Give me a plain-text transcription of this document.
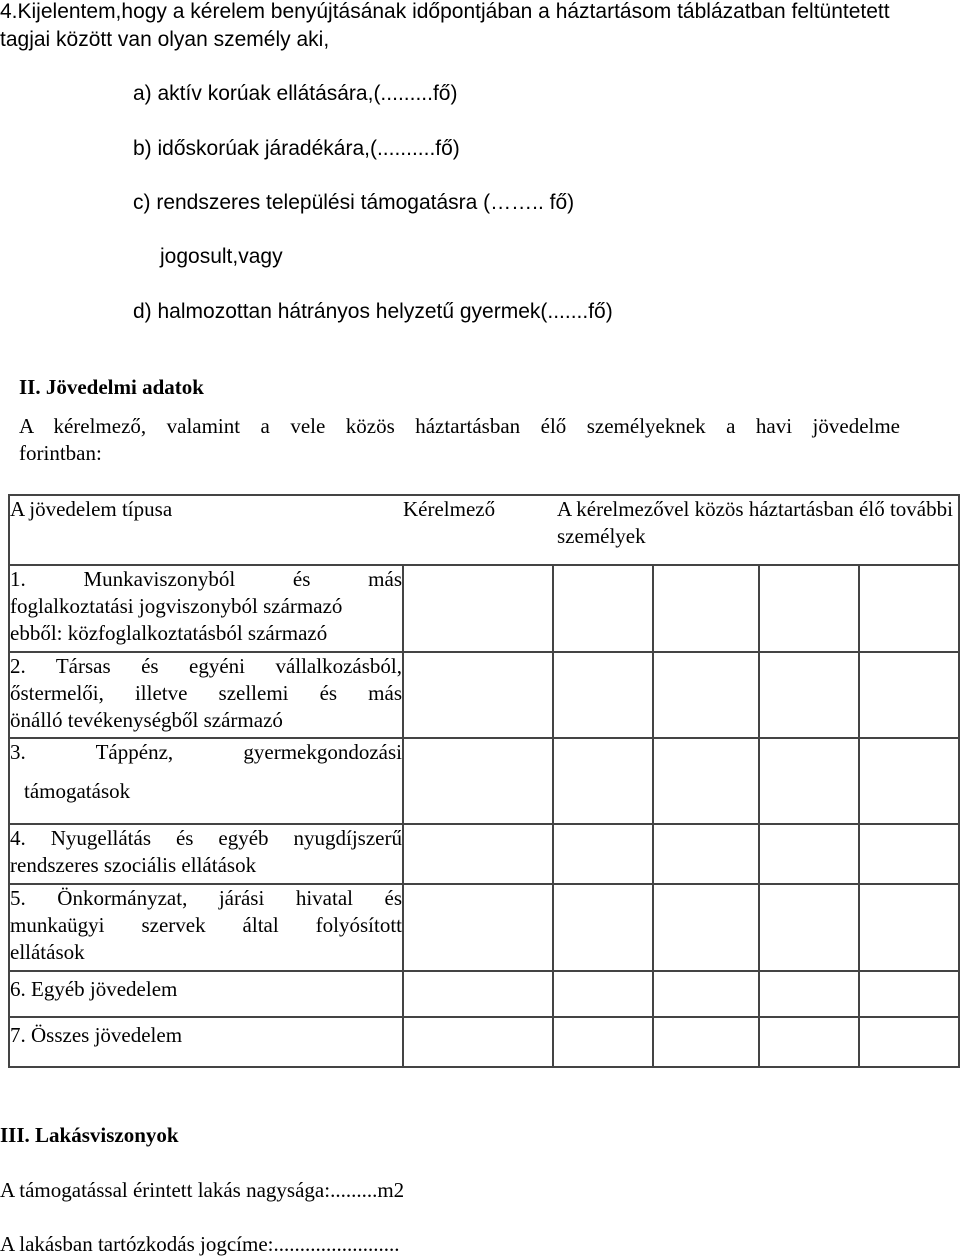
4.Kijelentem,hogy a kérelem benyújtásának időpontjában a háztartásom táblázatban feltüntetett
tagjai között van olyan személy aki,
a) aktív korúak ellátására,(.........fő)
b) időskorúak járadékára,(..........fő)
c) rendszeres települési támogatásra (…….. fő)
jogosult,vagy
d) halmozottan hátrányos helyzetű gyermek(.......fő)
II. Jövedelmi adatok
A kérelmező, valamint a vele közös háztartásban élő személyeknek a havi jövedelme
forintban:
A jövedelem típusa	Kérelmező	A kérelmezővel közös háztartásban élő további személyek			

1. Munkaviszonyból és más
foglalkoztatási jogviszonyból származó
ebből: közfoglalkoztatásból származó					

2. Társas és egyéni vállalkozásból,
őstermelői, illetve szellemi és más
önálló tevékenységből származó					

3. Táppénz, gyermekgondozási
támogatások					

4. Nyugellátás és egyéb nyugdíjszerű
rendszeres szociális ellátások					

5. Önkormányzat, járási hivatal és
munkaügyi szervek által folyósított
ellátások					

6. Egyéb jövedelem					

7. Összes jövedelem					

III. Lakásviszonyok
A támogatással érintett lakás nagysága:.........m2
A lakásban tartózkodás jogcíme:........................
